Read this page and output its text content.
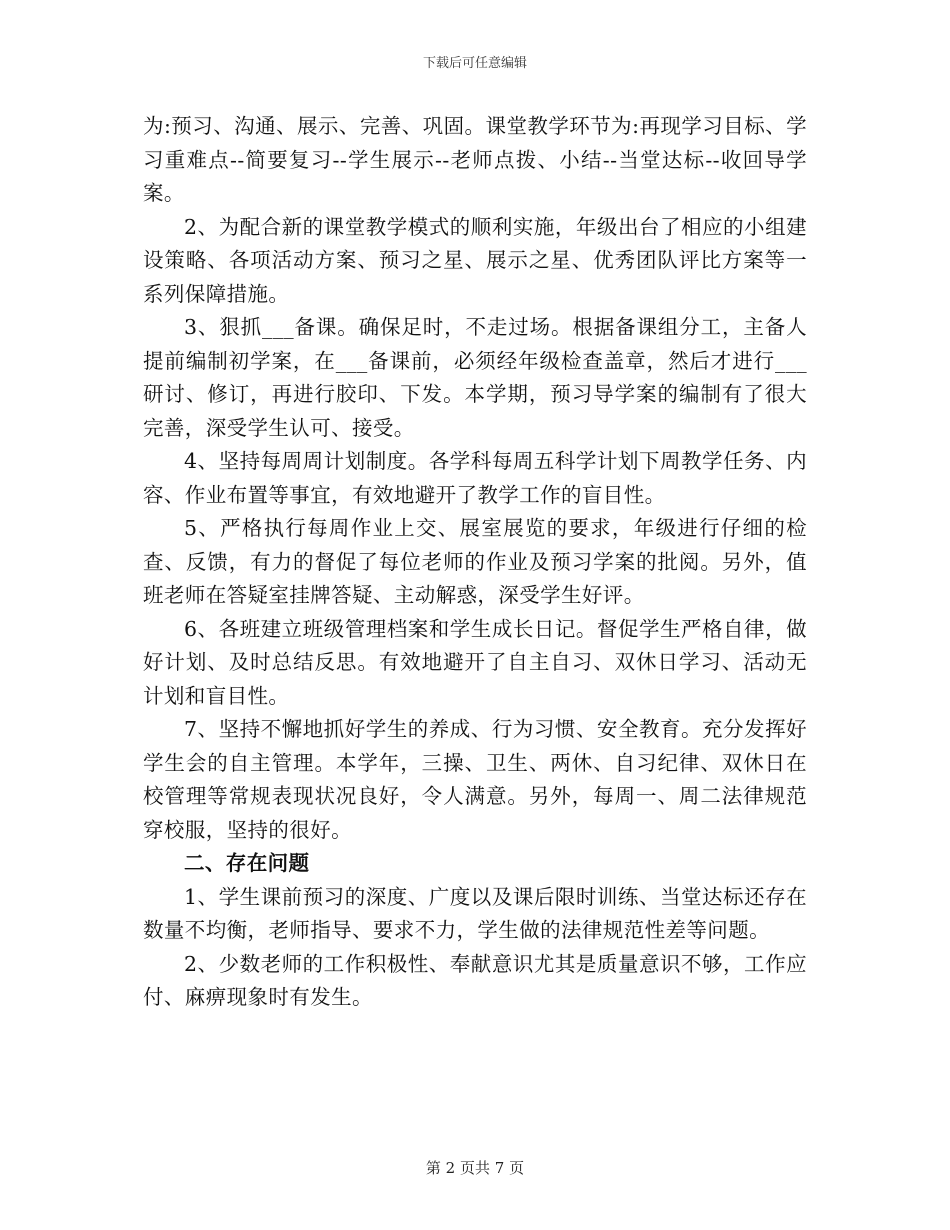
下载后可任意编辑

为:预习、沟通、展示、完善、巩固。课堂教学环节为:再现学习目标、学习重难点--简要复习--学生展示--老师点拨、小结--当堂达标--收回导学案。

2、为配合新的课堂教学模式的顺利实施，年级出台了相应的小组建设策略、各项活动方案、预习之星、展示之星、优秀团队评比方案等一系列保障措施。

3、狠抓___备课。确保足时，不走过场。根据备课组分工，主备人提前编制初学案，在___备课前，必须经年级检查盖章，然后才进行___研讨、修订，再进行胶印、下发。本学期，预习导学案的编制有了很大完善，深受学生认可、接受。

4、坚持每周周计划制度。各学科每周五科学计划下周教学任务、内容、作业布置等事宜，有效地避开了教学工作的盲目性。

5、严格执行每周作业上交、展室展览的要求，年级进行仔细的检查、反馈，有力的督促了每位老师的作业及预习学案的批阅。另外，值班老师在答疑室挂牌答疑、主动解惑，深受学生好评。

6、各班建立班级管理档案和学生成长日记。督促学生严格自律，做好计划、及时总结反思。有效地避开了自主自习、双休日学习、活动无计划和盲目性。

7、坚持不懈地抓好学生的养成、行为习惯、安全教育。充分发挥好学生会的自主管理。本学年，三操、卫生、两休、自习纪律、双休日在校管理等常规表现状况良好，令人满意。另外，每周一、周二法律规范穿校服，坚持的很好。

二、存在问题

1、学生课前预习的深度、广度以及课后限时训练、当堂达标还存在数量不均衡，老师指导、要求不力，学生做的法律规范性差等问题。

2、少数老师的工作积极性、奉献意识尤其是质量意识不够，工作应付、麻痹现象时有发生。

第 2 页共 7 页
